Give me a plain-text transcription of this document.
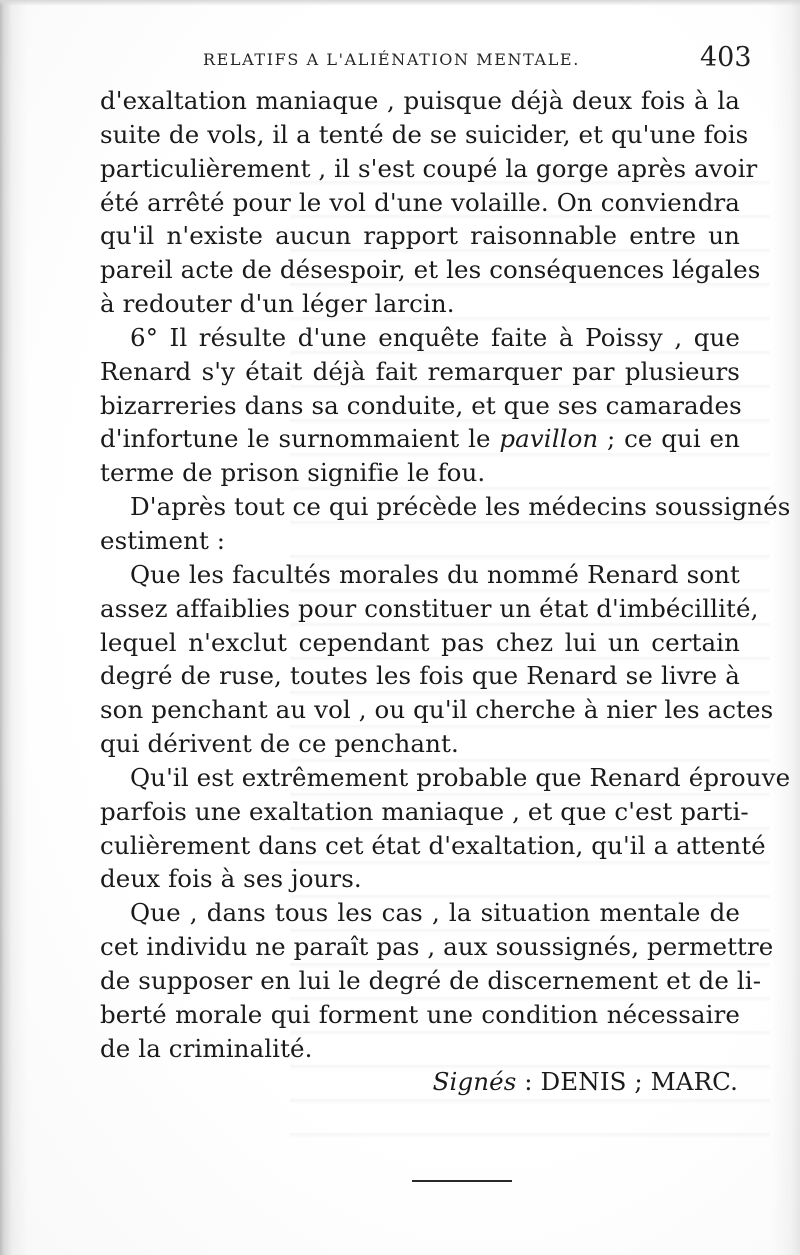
RELATIFS A L'ALIÉNATION MENTALE.	403
d'exaltation maniaque , puisque déjà deux fois à la
suite de vols, il a tenté de se suicider, et qu'une fois
particulièrement , il s'est coupé la gorge après avoir
été arrêté pour le vol d'une volaille. On conviendra
qu'il n'existe aucun rapport raisonnable entre un
pareil acte de désespoir, et les conséquences légales
à redouter d'un léger larcin.
6° Il résulte d'une enquête faite à Poissy , que
Renard s'y était déjà fait remarquer par plusieurs
bizarreries dans sa conduite, et que ses camarades
d'infortune le surnommaient le pavillon ; ce qui en
terme de prison signifie le fou.
D'après tout ce qui précède les médecins soussignés
estiment :
Que les facultés morales du nommé Renard sont
assez affaiblies pour constituer un état d'imbécillité,
lequel n'exclut cependant pas chez lui un certain
degré de ruse, toutes les fois que Renard se livre à
son penchant au vol , ou qu'il cherche à nier les actes
qui dérivent de ce penchant.
Qu'il est extrêmement probable que Renard éprouve
parfois une exaltation maniaque , et que c'est parti-
culièrement dans cet état d'exaltation, qu'il a attenté
deux fois à ses jours.
Que , dans tous les cas , la situation mentale de
cet individu ne paraît pas , aux soussignés, permettre
de supposer en lui le degré de discernement et de li-
berté morale qui forment une condition nécessaire
de la criminalité.
Signés : DENIS ; MARC.
